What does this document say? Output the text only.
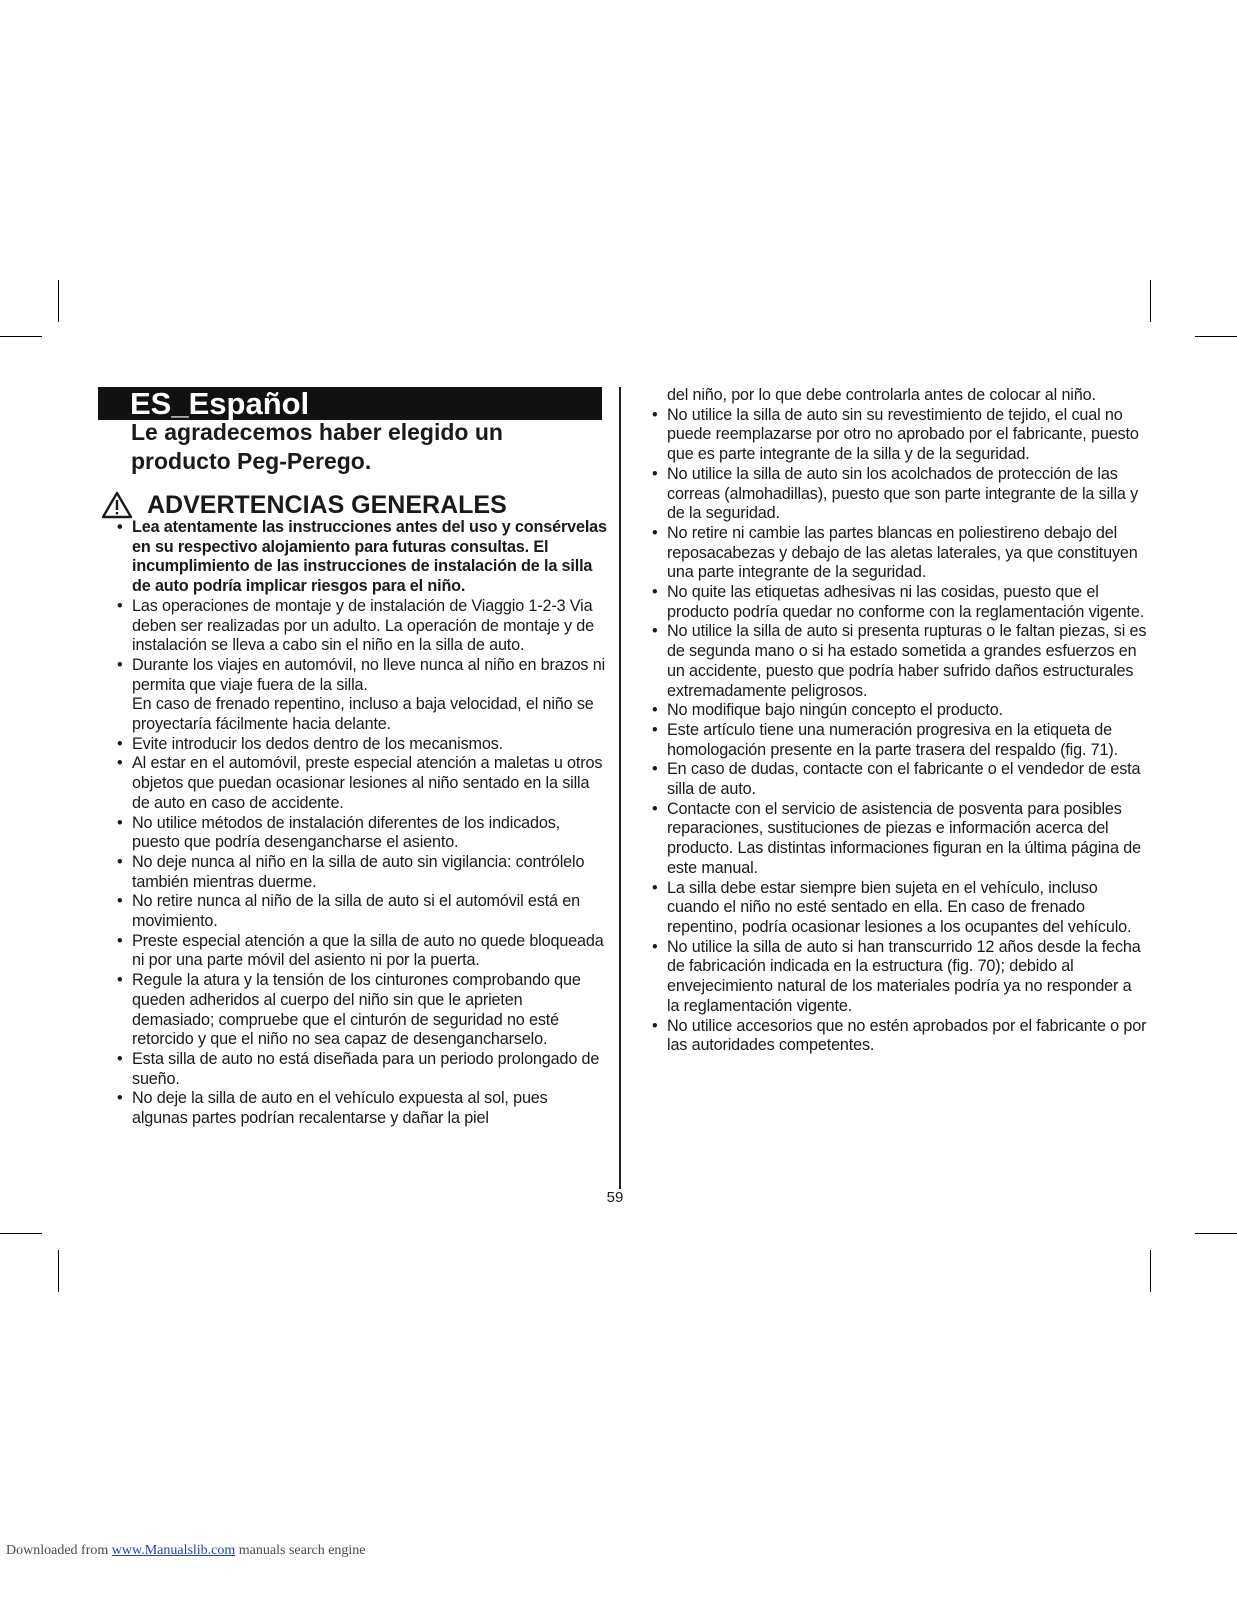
ES_Español
Le agradecemos haber elegido un producto Peg-Perego.
ADVERTENCIAS GENERALES
• Lea atentamente las instrucciones antes del uso y consérvelas en su respectivo alojamiento para futuras consultas. El incumplimiento de las instrucciones de instalación de la silla de auto podría implicar riesgos para el niño.
• Las operaciones de montaje y de instalación de Viaggio 1-2-3 Via deben ser realizadas por un adulto. La operación de montaje y de instalación se lleva a cabo sin el niño en la silla de auto.
• Durante los viajes en automóvil, no lleve nunca al niño en brazos ni permita que viaje fuera de la silla.
En caso de frenado repentino, incluso a baja velocidad, el niño se proyectaría fácilmente hacia delante.
• Evite introducir los dedos dentro de los mecanismos.
• Al estar en el automóvil, preste especial atención a maletas u otros objetos que puedan ocasionar lesiones al niño sentado en la silla de auto en caso de accidente.
• No utilice métodos de instalación diferentes de los indicados, puesto que podría desengancharse el asiento.
• No deje nunca al niño en la silla de auto sin vigilancia: contrólelo también mientras duerme.
• No retire nunca al niño de la silla de auto si el automóvil está en movimiento.
• Preste especial atención a que la silla de auto no quede bloqueada ni por una parte móvil del asiento ni por la puerta.
• Regule la atura y la tensión de los cinturones comprobando que queden adheridos al cuerpo del niño sin que le aprieten demasiado; compruebe que el cinturón de seguridad no esté retorcido y que el niño no sea capaz de desengancharselo.
• Esta silla de auto no está diseñada para un periodo prolongado de sueño.
• No deje la silla de auto en el vehículo expuesta al sol, pues algunas partes podrían recalentarse y dañar la piel
del niño, por lo que debe controlarla antes de colocar al niño.
• No utilice la silla de auto sin su revestimiento de tejido, el cual no puede reemplazarse por otro no aprobado por el fabricante, puesto que es parte integrante de la silla y de la seguridad.
• No utilice la silla de auto sin los acolchados de protección de las correas (almohadillas), puesto que son parte integrante de la silla y de la seguridad.
• No retire ni cambie las partes blancas en poliestireno debajo del reposacabezas y debajo de las aletas laterales, ya que constituyen una parte integrante de la seguridad.
• No quite las etiquetas adhesivas ni las cosidas, puesto que el producto podría quedar no conforme con la reglamentación vigente.
• No utilice la silla de auto si presenta rupturas o le faltan piezas, si es de segunda mano o si ha estado sometida a grandes esfuerzos en un accidente, puesto que podría haber sufrido daños estructurales extremadamente peligrosos.
• No modifique bajo ningún concepto el producto.
• Este artículo tiene una numeración progresiva en la etiqueta de homologación presente en la parte trasera del respaldo (fig. 71).
• En caso de dudas, contacte con el fabricante o el vendedor de esta silla de auto.
• Contacte con el servicio de asistencia de posventa para posibles reparaciones, sustituciones de piezas e información acerca del producto. Las distintas informaciones figuran en la última página de este manual.
• La silla debe estar siempre bien sujeta en el vehículo, incluso cuando el niño no esté sentado en ella. En caso de frenado repentino, podría ocasionar lesiones a los ocupantes del vehículo.
• No utilice la silla de auto si han transcurrido 12 años desde la fecha de fabricación indicada en la estructura (fig. 70); debido al envejecimiento natural de los materiales podría ya no responder a la reglamentación vigente.
• No utilice accesorios que no estén aprobados por el fabricante o por las autoridades competentes.
59
Downloaded from www.Manualslib.com manuals search engine
